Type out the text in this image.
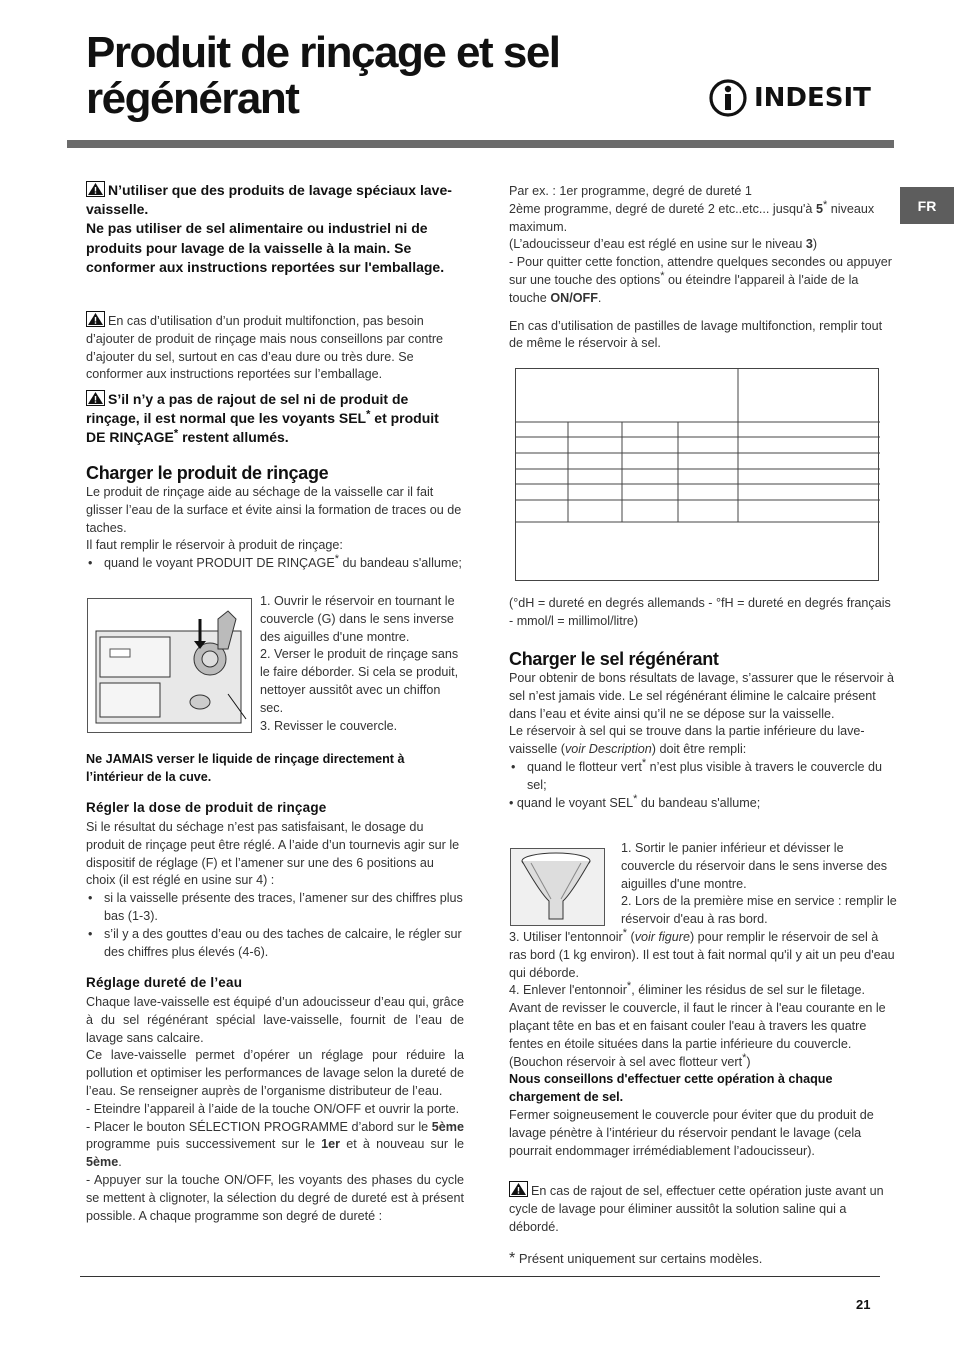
Produit de rinçage et sel régénérant	INDESIT
FR
N’utiliser que des produits de lavage spéciaux lave-vaisselle.
Ne pas utiliser de sel alimentaire ou industriel ni de produits pour lavage de la vaisselle à la main. Se conformer aux instructions reportées sur l'emballage.
En cas d’utilisation d’un produit multifonction, pas besoin d’ajouter de produit de rinçage mais nous conseillons par contre d’ajouter du sel, surtout en cas d’eau dure ou très dure. Se conformer aux instructions reportées sur l’emballage.
S’il n’y a pas de rajout de sel ni de produit de rinçage, il est normal que les voyants SEL* et produit DE RINÇAGE* restent allumés.
Charger le produit de rinçage

Le produit de rinçage aide au séchage de la vaisselle car il fait glisser l’eau de la surface et évite ainsi la formation de traces ou de taches.

Il faut remplir le réservoir à produit de rinçage:

• quand le voyant PRODUIT DE RINÇAGE* du bandeau s'allume;

1. Ouvrir le réservoir en tournant le couvercle (G) dans le sens inverse des aiguilles d'une montre.

2. Verser le produit de rinçage sans le faire déborder. Si cela se produit, nettoyer aussitôt avec un chiffon sec.

3. Revisser le couvercle.

Ne JAMAIS verser le liquide de rinçage directement à l’intérieur de la cuve.
Régler la dose de produit de rinçage

Si le résultat du séchage n’est pas satisfaisant, le dosage du produit de rinçage peut être réglé. A l’aide d’un tournevis agir sur le dispositif de réglage (F) et l’amener sur une des 6 positions au choix (il est réglé en usine sur 4) :

• si la vaisselle présente des traces, l’amener sur des chiffres plus bas (1-3).

• s’il y a des gouttes d’eau ou des taches de calcaire, le régler sur des chiffres plus élevés (4-6).

Réglage dureté de l’eau

Chaque lave-vaisselle est équipé d’un adoucisseur d’eau qui, grâce à du sel régénérant spécial lave-vaisselle, fournit de l’eau de lavage sans calcaire.

Ce lave-vaisselle permet d’opérer un réglage pour réduire la pollution et optimiser les performances de lavage selon la dureté de l’eau. Se renseigner auprès de l’organisme distributeur de l’eau.

- Eteindre l’appareil à l’aide de la touche ON/OFF et ouvrir la porte.

- Placer le bouton SÉLECTION PROGRAMME d’abord sur le 5ème programme puis successivement sur le 1er et à nouveau sur le 5ème.

- Appuyer sur la touche ON/OFF, les voyants des phases du cycle se mettent à clignoter, la sélection du degré de dureté est à présent possible. A chaque programme son degré de dureté :

Par ex. : 1er programme, degré de dureté 1

2ème programme, degré de dureté 2 etc..etc... jusqu'à 5* niveaux maximum.

(L’adoucisseur d’eau est réglé en usine sur le niveau 3)

- Pour quitter cette fonction, attendre quelques secondes ou appuyer sur une touche des options* ou éteindre l'appareil à l'aide de la touche ON/OFF.

En cas d’utilisation de pastilles de lavage multifonction, remplir tout de même le réservoir à sel.

(°dH = dureté en degrés allemands - °fH = dureté en degrés français - mmol/l = millimol/litre)
Charger le sel régénérant

Pour obtenir de bons résultats de lavage, s’assurer que le réservoir à sel n’est jamais vide. Le sel régénérant élimine le calcaire présent dans l’eau et évite ainsi qu’il ne se dépose sur la vaisselle.

Le réservoir à sel qui se trouve dans la partie inférieure du lave-vaisselle (voir Description) doit être rempli:

• quand le flotteur vert* n’est plus visible à travers le couvercle du sel;

• quand le voyant SEL* du bandeau s'allume;

1. Sortir le panier inférieur et dévisser le couvercle du réservoir dans le sens inverse des aiguilles d'une montre.

2. Lors de la première mise en service : remplir le réservoir d'eau à ras bord.

3. Utiliser l'entonnoir* (voir figure) pour remplir le réservoir de sel à ras bord (1 kg environ). Il est tout à fait normal qu'il y ait un peu d'eau qui déborde.

4. Enlever l'entonnoir*, éliminer les résidus de sel sur le filetage. Avant de revisser le couvercle, il faut le rincer à l'eau courante en le plaçant tête en bas et en faisant couler l'eau à travers les quatre fentes en étoile situées dans la partie inférieure du couvercle. (Bouchon réservoir à sel avec flotteur vert*)

Nous conseillons d'effectuer cette opération à chaque chargement de sel.

Fermer soigneusement le couvercle pour éviter que du produit de lavage pénètre à l’intérieur du réservoir pendant le lavage (cela pourrait endommager irrémédiablement l’adoucisseur).

En cas de rajout de sel, effectuer cette opération juste avant un cycle de lavage pour éliminer aussitôt la solution saline qui a débordé.
* Présent uniquement sur certains modèles.
21
